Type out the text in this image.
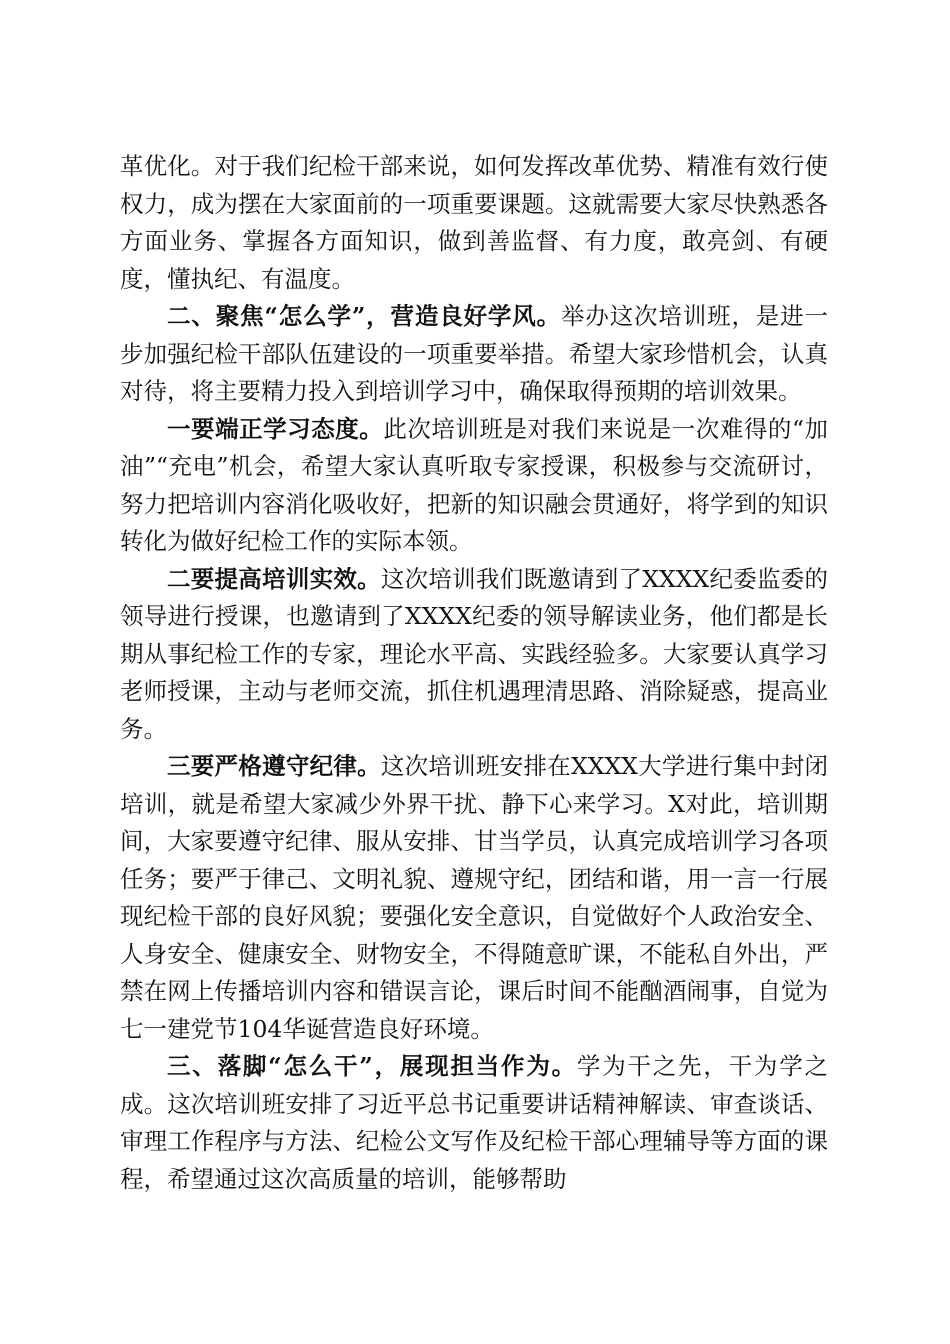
革优化。对于我们纪检干部来说，如何发挥改革优势、精准有效行使权力，成为摆在大家面前的一项重要课题。这就需要大家尽快熟悉各方面业务、掌握各方面知识，做到善监督、有力度，敢亮剑、有硬度，懂执纪、有温度。

二、聚焦“怎么学”，营造良好学风。举办这次培训班，是进一步加强纪检干部队伍建设的一项重要举措。希望大家珍惜机会，认真对待，将主要精力投入到培训学习中，确保取得预期的培训效果。

一要端正学习态度。此次培训班是对我们来说是一次难得的“加油”“充电”机会，希望大家认真听取专家授课，积极参与交流研讨，努力把培训内容消化吸收好，把新的知识融会贯通好，将学到的知识转化为做好纪检工作的实际本领。

二要提高培训实效。这次培训我们既邀请到了XXXX纪委监委的领导进行授课，也邀请到了XXXX纪委的领导解读业务，他们都是长期从事纪检工作的专家，理论水平高、实践经验多。大家要认真学习老师授课，主动与老师交流，抓住机遇理清思路、消除疑惑，提高业务。

三要严格遵守纪律。这次培训班安排在XXXX大学进行集中封闭培训，就是希望大家减少外界干扰、静下心来学习。X对此，培训期间，大家要遵守纪律、服从安排、甘当学员，认真完成培训学习各项任务；要严于律己、文明礼貌、遵规守纪，团结和谐，用一言一行展现纪检干部的良好风貌；要强化安全意识，自觉做好个人政治安全、人身安全、健康安全、财物安全，不得随意旷课，不能私自外出，严禁在网上传播培训内容和错误言论，课后时间不能酗酒闹事，自觉为七一建党节104华诞营造良好环境。

三、落脚“怎么干”，展现担当作为。学为干之先，干为学之成。这次培训班安排了习近平总书记重要讲话精神解读、审查谈话、审理工作程序与方法、纪检公文写作及纪检干部心理辅导等方面的课程，希望通过这次高质量的培训，能够帮助
